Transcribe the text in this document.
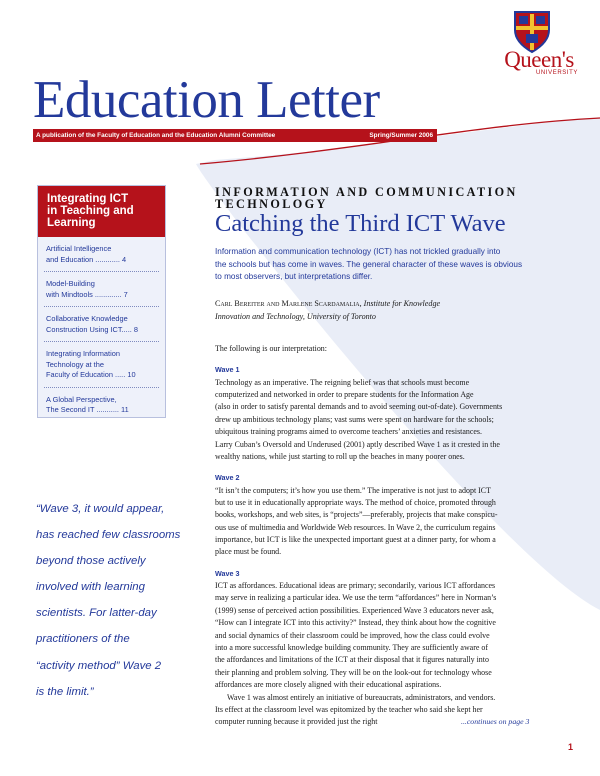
Queen's
UNIVERSITY
Education Letter
A publication of the Faculty of Education and the Education Alumni Committee	Spring/Summer 2006
Integrating ICT
in Teaching and
Learning
Artificial Intelligence
and Education ............ 4
Model-Building
with Mindtools ............. 7
Collaborative Knowledge
Construction Using ICT..... 8
Integrating Information
Technology at the
Faculty of Education ..... 10
A Global Perspective,
The Second IT ........... 11
“Wave 3, it would appear,
has reached few classrooms
beyond those actively
involved with learning
scientists. For latter-day
practitioners of the
“activity method” Wave 2
is the limit.”
INFORMATION AND COMMUNICATION
TECHNOLOGY
Catching the Third ICT Wave
Information and communication technology (ICT) has not trickled gradually into
the schools but has come in waves. The general character of these waves is obvious
to most observers, but interpretations differ.
Carl Bereiter and Marlene Scardamalia, Institute for Knowledge
Innovation and Technology, University of Toronto
The following is our interpretation:
Wave 1
Technology as an imperative. The reigning belief was that schools must become
computerized and networked in order to prepare students for the Information Age
(also in order to satisfy parental demands and to avoid seeming out-of-date). Governments
drew up ambitious technology plans; vast sums were spent on hardware for the schools;
ubiquitous training programs aimed to overcome teachers’ anxieties and resistances.
Larry Cuban’s Oversold and Underused (2001) aptly described Wave 1 as it crested in the
wealthy nations, while just starting to roll up the beaches in many poorer ones.
Wave 2
“It isn’t the computers; it’s how you use them.” The imperative is not just to adopt ICT
but to use it in educationally appropriate ways. The method of choice, promoted through
books, workshops, and web sites, is “projects”—preferably, projects that make conspicu-
ous use of multimedia and Worldwide Web resources. In Wave 2, the curriculum regains
importance, but ICT is like the unexpected important guest at a dinner party, for whom a
place must be found.
Wave 3
ICT as affordances. Educational ideas are primary; secondarily, various ICT affordances
may serve in realizing a particular idea. We use the term “affordances” here in Norman’s
(1999) sense of perceived action possibilities. Experienced Wave 3 educators never ask,
“How can I integrate ICT into this activity?” Instead, they think about how the cognitive
and social dynamics of their classroom could be improved, how the class could evolve
into a more successful knowledge building community. They are sufficiently aware of
the affordances and limitations of the ICT at their disposal that it figures naturally into
their planning and problem solving. They will be on the look-out for technology whose
affordances are more closely aligned with their educational aspirations.
Wave 1 was almost entirely an initiative of bureaucrats, administrators, and vendors.
Its effect at the classroom level was epitomized by the teacher who said she kept her
computer running because it provided just the right	...continues on page 3
1
